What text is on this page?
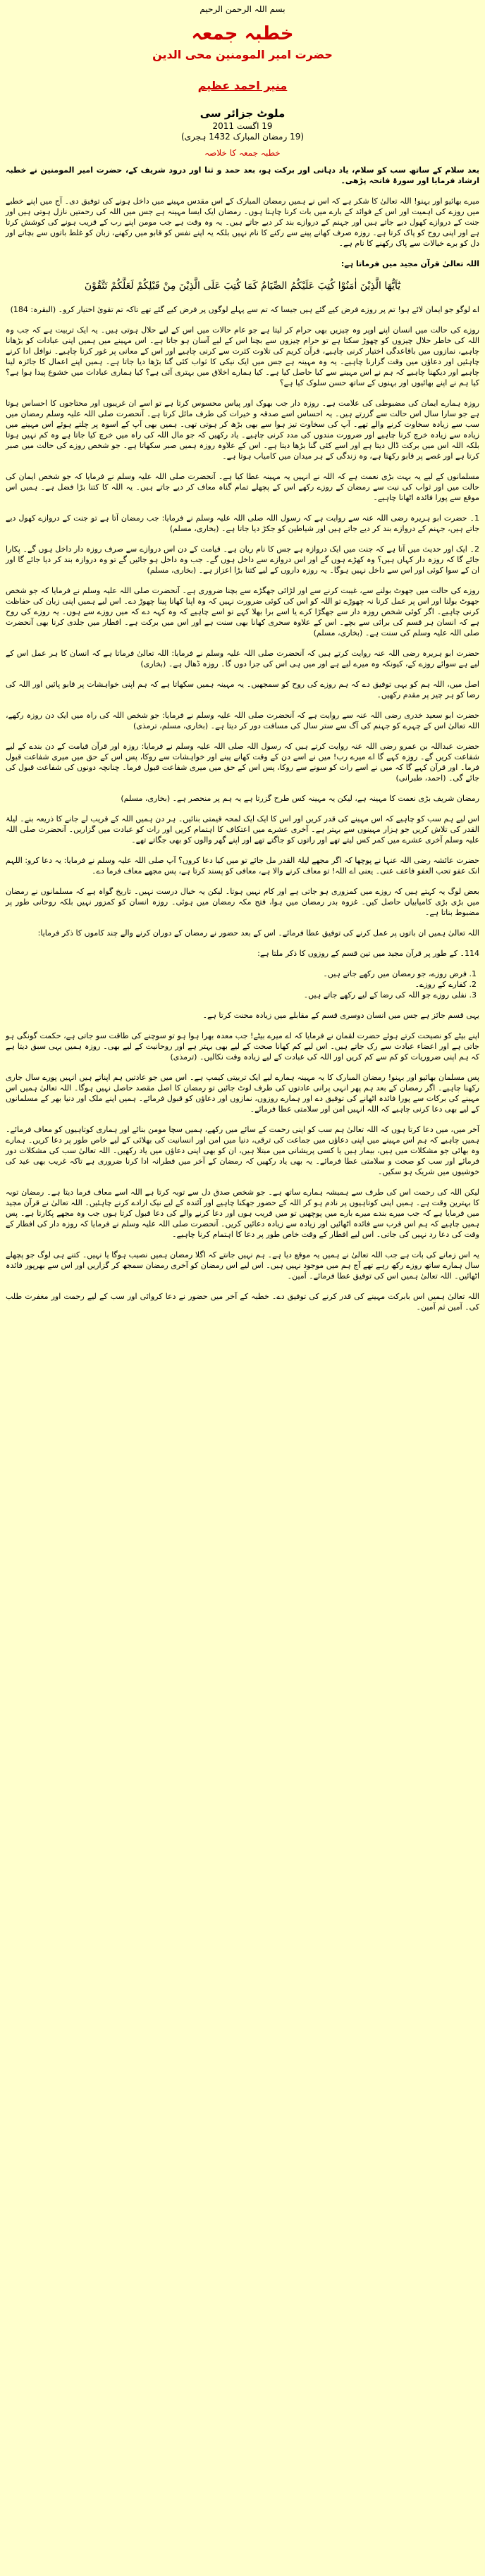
بسم اللہ الرحمن الرحیم
خطبہ جمعہ
حضرت امیر المومنین محی الدین
منیر احمد عظیم
ملوٹ جزائر سی
19 اگست 2011
(19 رمضان المبارک 1432 ہجری)
خطبہ جمعہ کا خلاصہ

بعد سلام کے ساتھ سب کو سلام، یاد دہانی اور برکت ہو، بعد حمد و ثنا اور درود شریف کے، حضرت امیر المومنین نے خطبہ ارشاد فرمایا اور سورۃ فاتحہ پڑھی۔

میرے بھائیو اور بہنو! اللہ تعالیٰ کا شکر ہے کہ اس نے ہمیں رمضان المبارک کے اس مقدس مہینے میں داخل ہونے کی توفیق دی۔ آج میں اپنے خطبے میں روزے کی اہمیت اور اس کے فوائد کے بارے میں بات کرنا چاہتا ہوں۔ رمضان ایک ایسا مہینہ ہے جس میں اللہ کی رحمتیں نازل ہوتی ہیں اور جنت کے دروازے کھول دیے جاتے ہیں اور جہنم کے دروازے بند کر دیے جاتے ہیں۔ یہ وہ وقت ہے جب مومن اپنے رب کے قریب ہونے کی کوشش کرتا ہے اور اپنی روح کو پاک کرتا ہے۔ روزہ صرف کھانے پینے سے رکنے کا نام نہیں بلکہ یہ اپنے نفس کو قابو میں رکھنے، زبان کو غلط باتوں سے بچانے اور دل کو برے خیالات سے پاک رکھنے کا نام ہے۔

اللہ تعالیٰ قرآن مجید میں فرماتا ہے:

يٰٓاَيُّهَا الَّذِيْنَ اٰمَنُوْا كُتِبَ عَلَيْكُمُ الصِّيَامُ كَمَا كُتِبَ عَلَى الَّذِيْنَ مِنْ قَبْلِكُمْ لَعَلَّكُمْ تَتَّقُوْنَ

اے لوگو جو ایمان لائے ہو! تم پر روزے فرض کیے گئے ہیں جیسا کہ تم سے پہلے لوگوں پر فرض کیے گئے تھے تاکہ تم تقویٰ اختیار کرو۔ (البقرہ: 184)

روزے کی حالت میں انسان اپنے اوپر وہ چیزیں بھی حرام کر لیتا ہے جو عام حالات میں اس کے لیے حلال ہوتی ہیں۔ یہ ایک تربیت ہے کہ جب وہ اللہ کی خاطر حلال چیزوں کو چھوڑ سکتا ہے تو حرام چیزوں سے بچنا اس کے لیے آسان ہو جاتا ہے۔ اس مہینے میں ہمیں اپنی عبادات کو بڑھانا چاہیے، نمازوں میں باقاعدگی اختیار کرنی چاہیے، قرآن کریم کی تلاوت کثرت سے کرنی چاہیے اور اس کے معانی پر غور کرنا چاہیے۔ نوافل ادا کرنے چاہئیں اور دعاؤں میں وقت گزارنا چاہیے۔ یہ وہ مہینہ ہے جس میں ایک نیکی کا ثواب کئی گنا بڑھا دیا جاتا ہے۔ ہمیں اپنے اعمال کا جائزہ لینا چاہیے اور دیکھنا چاہیے کہ ہم نے اس مہینے سے کیا حاصل کیا ہے۔ کیا ہمارے اخلاق میں بہتری آئی ہے؟ کیا ہماری عبادات میں خشوع پیدا ہوا ہے؟ کیا ہم نے اپنے بھائیوں اور بہنوں کے ساتھ حسن سلوک کیا ہے؟

روزہ ہمارے ایمان کی مضبوطی کی علامت ہے۔ روزہ دار جب بھوک اور پیاس محسوس کرتا ہے تو اسے ان غریبوں اور محتاجوں کا احساس ہوتا ہے جو سارا سال اس حالت سے گزرتے ہیں۔ یہ احساس اسے صدقہ و خیرات کی طرف مائل کرتا ہے۔ آنحضرت صلی اللہ علیہ وسلم رمضان میں سب سے زیادہ سخاوت کرنے والے تھے۔ آپ کی سخاوت تیز ہوا سے بھی بڑھ کر ہوتی تھی۔ ہمیں بھی آپ کے اسوہ پر چلتے ہوئے اس مہینے میں زیادہ سے زیادہ خرچ کرنا چاہیے اور ضرورت مندوں کی مدد کرنی چاہیے۔ یاد رکھیں کہ جو مال اللہ کی راہ میں خرچ کیا جاتا ہے وہ کم نہیں ہوتا بلکہ اللہ اس میں برکت ڈال دیتا ہے اور اسے کئی گنا بڑھا دیتا ہے۔ اس کے علاوہ روزہ ہمیں صبر سکھاتا ہے۔ جو شخص روزے کی حالت میں صبر کرتا ہے اور غصے پر قابو رکھتا ہے، وہ زندگی کے ہر میدان میں کامیاب ہوتا ہے۔

مسلمانوں کے لیے یہ بہت بڑی نعمت ہے کہ اللہ نے انہیں یہ مہینہ عطا کیا ہے۔ آنحضرت صلی اللہ علیہ وسلم نے فرمایا کہ جو شخص ایمان کی حالت میں اور ثواب کی نیت سے رمضان کے روزے رکھے اس کے پچھلے تمام گناہ معاف کر دیے جاتے ہیں۔ یہ اللہ کا کتنا بڑا فضل ہے۔ ہمیں اس موقع سے پورا فائدہ اٹھانا چاہیے۔

1۔ حضرت ابو ہریرہ رضی اللہ عنہ سے روایت ہے کہ رسول اللہ صلی اللہ علیہ وسلم نے فرمایا: جب رمضان آتا ہے تو جنت کے دروازے کھول دیے جاتے ہیں، جہنم کے دروازے بند کر دیے جاتے ہیں اور شیاطین کو جکڑ دیا جاتا ہے۔ (بخاری، مسلم)

2۔ ایک اور حدیث میں آتا ہے کہ جنت میں ایک دروازہ ہے جس کا نام ریان ہے۔ قیامت کے دن اس دروازے سے صرف روزہ دار داخل ہوں گے۔ پکارا جائے گا کہ روزہ دار کہاں ہیں؟ وہ کھڑے ہوں گے اور اس دروازے سے داخل ہوں گے۔ جب وہ داخل ہو جائیں گے تو وہ دروازہ بند کر دیا جائے گا اور ان کے سوا کوئی اور اس سے داخل نہیں ہوگا۔ یہ روزہ داروں کے لیے کتنا بڑا اعزاز ہے۔ (بخاری، مسلم)

روزے کی حالت میں جھوٹ بولنے سے، غیبت کرنے سے اور لڑائی جھگڑے سے بچنا ضروری ہے۔ آنحضرت صلی اللہ علیہ وسلم نے فرمایا کہ جو شخص جھوٹ بولنا اور اس پر عمل کرنا نہ چھوڑے تو اللہ کو اس کی کوئی ضرورت نہیں کہ وہ اپنا کھانا پینا چھوڑ دے۔ اس لیے ہمیں اپنی زبان کی حفاظت کرنی چاہیے۔ اگر کوئی شخص روزہ دار سے جھگڑا کرے یا اسے برا بھلا کہے تو اسے چاہیے کہ وہ کہہ دے کہ میں روزے سے ہوں۔ یہ روزے کی روح ہے کہ انسان ہر قسم کی برائی سے بچے۔ اس کے علاوہ سحری کھانا بھی سنت ہے اور اس میں برکت ہے۔ افطار میں جلدی کرنا بھی آنحضرت صلی اللہ علیہ وسلم کی سنت ہے۔ (بخاری، مسلم)

حضرت ابو ہریرہ رضی اللہ عنہ روایت کرتے ہیں کہ آنحضرت صلی اللہ علیہ وسلم نے فرمایا: اللہ تعالیٰ فرماتا ہے کہ انسان کا ہر عمل اس کے لیے ہے سوائے روزے کے، کیونکہ وہ میرے لیے ہے اور میں ہی اس کی جزا دوں گا۔ روزہ ڈھال ہے۔ (بخاری)

اصل میں، اللہ ہم کو یہی توفیق دے کہ ہم روزے کی روح کو سمجھیں۔ یہ مہینہ ہمیں سکھاتا ہے کہ ہم اپنی خواہشات پر قابو پائیں اور اللہ کی رضا کو ہر چیز پر مقدم رکھیں۔

حضرت ابو سعید خدری رضی اللہ عنہ سے روایت ہے کہ آنحضرت صلی اللہ علیہ وسلم نے فرمایا: جو شخص اللہ کی راہ میں ایک دن روزہ رکھے، اللہ تعالیٰ اس کے چہرے کو جہنم کی آگ سے ستر سال کی مسافت دور کر دیتا ہے۔ (بخاری، مسلم، ترمذی)

حضرت عبداللہ بن عمرو رضی اللہ عنہ روایت کرتے ہیں کہ رسول اللہ صلی اللہ علیہ وسلم نے فرمایا: روزہ اور قرآن قیامت کے دن بندے کے لیے شفاعت کریں گے۔ روزہ کہے گا اے میرے رب! میں نے اسے دن کے وقت کھانے پینے اور خواہشات سے روکا، پس اس کے حق میں میری شفاعت قبول فرما۔ اور قرآن کہے گا کہ میں نے اسے رات کو سونے سے روکا، پس اس کے حق میں میری شفاعت قبول فرما۔ چنانچہ دونوں کی شفاعت قبول کی جائے گی۔ (احمد، طبرانی)

رمضان شریف بڑی نعمت کا مہینہ ہے، لیکن یہ مہینہ کس طرح گزرتا ہے یہ ہم پر منحصر ہے۔ (بخاری، مسلم)

اس لیے ہم سب کو چاہیے کہ اس مہینے کی قدر کریں اور اس کا ایک ایک لمحہ قیمتی بنائیں۔ ہر دن ہمیں اللہ کے قریب لے جانے کا ذریعہ بنے۔ لیلۃ القدر کی تلاش کریں جو ہزار مہینوں سے بہتر ہے۔ آخری عشرے میں اعتکاف کا اہتمام کریں اور رات کو عبادت میں گزاریں۔ آنحضرت صلی اللہ علیہ وسلم آخری عشرے میں کمر کس لیتے تھے اور راتوں کو جاگتے تھے اور اپنے گھر والوں کو بھی جگاتے تھے۔

حضرت عائشہ رضی اللہ عنہا نے پوچھا کہ اگر مجھے لیلۃ القدر مل جائے تو میں کیا دعا کروں؟ آپ صلی اللہ علیہ وسلم نے فرمایا: یہ دعا کرو: اللہم انک عفو تحب العفو فاعف عنی۔ یعنی اے اللہ! تو معاف کرنے والا ہے، معافی کو پسند کرتا ہے، پس مجھے معاف فرما دے۔

بعض لوگ یہ کہتے ہیں کہ روزے میں کمزوری ہو جاتی ہے اور کام نہیں ہوتا۔ لیکن یہ خیال درست نہیں۔ تاریخ گواہ ہے کہ مسلمانوں نے رمضان میں بڑی بڑی کامیابیاں حاصل کیں۔ غزوہ بدر رمضان میں ہوا، فتح مکہ رمضان میں ہوئی۔ روزہ انسان کو کمزور نہیں بلکہ روحانی طور پر مضبوط بناتا ہے۔

اللہ تعالیٰ ہمیں ان باتوں پر عمل کرنے کی توفیق عطا فرمائے۔ اس کے بعد حضور نے رمضان کے دوران کرنے والے چند کاموں کا ذکر فرمایا:

114۔ کے طور پر قرآن مجید میں تین قسم کے روزوں کا ذکر ملتا ہے:

1. فرض روزے، جو رمضان میں رکھے جاتے ہیں۔
2. کفارے کے روزے۔
3. نفلی روزے جو اللہ کی رضا کے لیے رکھے جاتے ہیں۔

یہی قسم جائز ہے جس میں انسان دوسری قسم کے مقابلے میں زیادہ محنت کرتا ہے۔

اپنے بیٹے کو نصیحت کرتے ہوئے حضرت لقمان نے فرمایا کہ اے میرے بیٹے! جب معدہ بھرا ہوا ہو تو سوچنے کی طاقت سو جاتی ہے، حکمت گونگی ہو جاتی ہے اور اعضاء عبادت سے رک جاتے ہیں۔ اس لیے کم کھانا صحت کے لیے بھی بہتر ہے اور روحانیت کے لیے بھی۔ روزہ ہمیں یہی سبق دیتا ہے کہ ہم اپنی ضروریات کو کم سے کم کریں اور اللہ کی عبادت کے لیے زیادہ وقت نکالیں۔ (ترمذی)

پس مسلمان بھائیو اور بہنو! رمضان المبارک کا یہ مہینہ ہمارے لیے ایک تربیتی کیمپ ہے۔ اس میں جو عادتیں ہم اپناتے ہیں انہیں پورے سال جاری رکھنا چاہیے۔ اگر رمضان کے بعد ہم پھر انہی پرانی عادتوں کی طرف لوٹ جائیں تو رمضان کا اصل مقصد حاصل نہیں ہوگا۔ اللہ تعالیٰ ہمیں اس مہینے کی برکات سے پورا فائدہ اٹھانے کی توفیق دے اور ہمارے روزوں، نمازوں اور دعاؤں کو قبول فرمائے۔ ہمیں اپنے ملک اور دنیا بھر کے مسلمانوں کے لیے بھی دعا کرنی چاہیے کہ اللہ انہیں امن اور سلامتی عطا فرمائے۔

آخر میں، میں دعا کرتا ہوں کہ اللہ تعالیٰ ہم سب کو اپنی رحمت کے سائے میں رکھے، ہمیں سچا مومن بنائے اور ہماری کوتاہیوں کو معاف فرمائے۔ ہمیں چاہیے کہ ہم اس مہینے میں اپنی دعاؤں میں جماعت کی ترقی، دنیا میں امن اور انسانیت کی بھلائی کے لیے خاص طور پر دعا کریں۔ ہمارے وہ بھائی جو مشکلات میں ہیں، بیمار ہیں یا کسی پریشانی میں مبتلا ہیں، ان کو بھی اپنی دعاؤں میں یاد رکھیں۔ اللہ تعالیٰ سب کی مشکلات دور فرمائے اور سب کو صحت و سلامتی عطا فرمائے۔ یہ بھی یاد رکھیں کہ رمضان کے آخر میں فطرانہ ادا کرنا ضروری ہے تاکہ غریب بھی عید کی خوشیوں میں شریک ہو سکیں۔

لیکن اللہ کی رحمت اس کی طرف سے ہمیشہ ہمارے ساتھ ہے۔ جو شخص صدق دل سے توبہ کرتا ہے اللہ اسے معاف فرما دیتا ہے۔ رمضان توبہ کا بہترین وقت ہے۔ ہمیں اپنی کوتاہیوں پر نادم ہو کر اللہ کے حضور جھکنا چاہیے اور آئندہ کے لیے نیک ارادے کرنے چاہئیں۔ اللہ تعالیٰ نے قرآن مجید میں فرمایا ہے کہ جب میرے بندے میرے بارے میں پوچھیں تو میں قریب ہوں اور دعا کرنے والے کی دعا قبول کرتا ہوں جب وہ مجھے پکارتا ہے۔ پس ہمیں چاہیے کہ ہم اس قرب سے فائدہ اٹھائیں اور زیادہ سے زیادہ دعائیں کریں۔ آنحضرت صلی اللہ علیہ وسلم نے فرمایا کہ روزہ دار کی افطار کے وقت کی دعا رد نہیں کی جاتی۔ اس لیے افطار کے وقت خاص طور پر دعا کا اہتمام کرنا چاہیے۔

یہ اس زمانے کی بات ہے جب اللہ تعالیٰ نے ہمیں یہ موقع دیا ہے۔ ہم نہیں جانتے کہ اگلا رمضان ہمیں نصیب ہوگا یا نہیں۔ کتنے ہی لوگ جو پچھلے سال ہمارے ساتھ روزے رکھ رہے تھے آج ہم میں موجود نہیں ہیں۔ اس لیے اس رمضان کو آخری رمضان سمجھ کر گزاریں اور اس سے بھرپور فائدہ اٹھائیں۔ اللہ تعالیٰ ہمیں اس کی توفیق عطا فرمائے۔ آمین۔

اللہ تعالیٰ ہمیں اس بابرکت مہینے کی قدر کرنے کی توفیق دے۔ خطبہ کے آخر میں حضور نے دعا کروائی اور سب کے لیے رحمت اور مغفرت طلب کی۔ آمین ثم آمین۔
